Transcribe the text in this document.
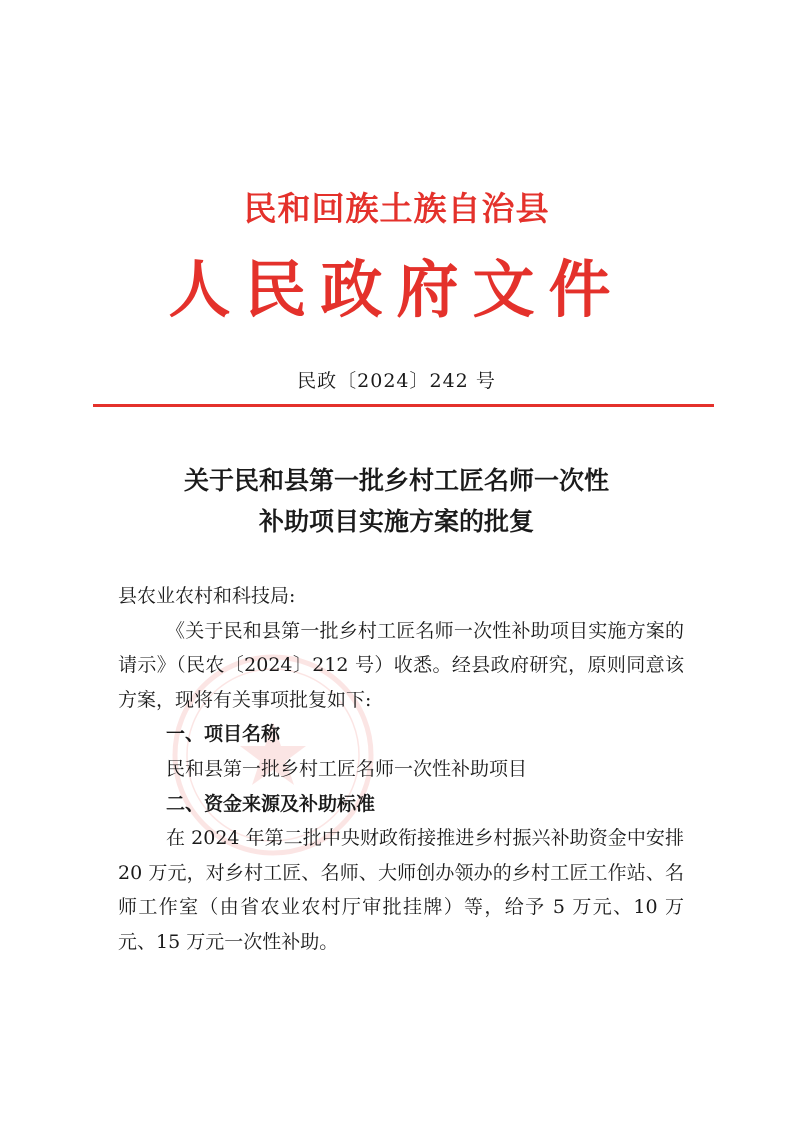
民和回族土族自治县
人民政府文件
民政〔2024〕242 号
关于民和县第一批乡村工匠名师一次性
补助项目实施方案的批复

县农业农村和科技局:

《关于民和县第一批乡村工匠名师一次性补助项目实施方案的请示》（民农〔2024〕212 号）收悉。经县政府研究，原则同意该方案，现将有关事项批复如下:

一、项目名称

民和县第一批乡村工匠名师一次性补助项目

二、资金来源及补助标准

在 2024 年第二批中央财政衔接推进乡村振兴补助资金中安排 20 万元，对乡村工匠、名师、大师创办领办的乡村工匠工作站、名师工作室（由省农业农村厅审批挂牌）等，给予 5 万元、10 万元、15 万元一次性补助。
